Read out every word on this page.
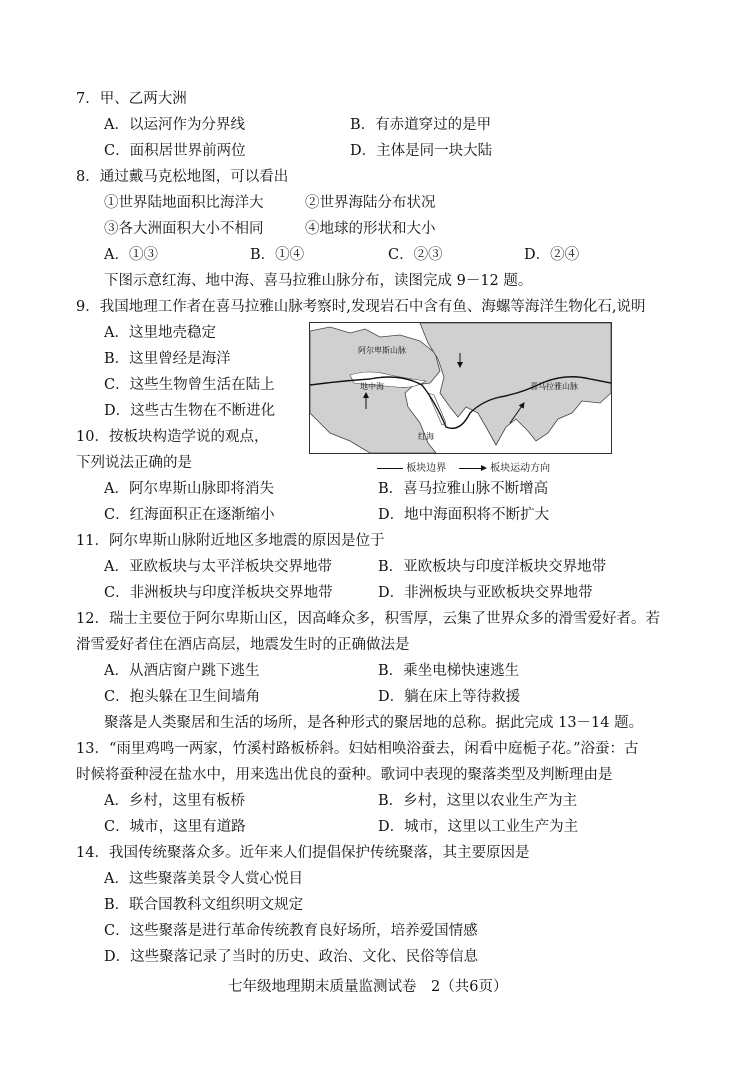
7．甲、乙两大洲
A．以运河作为分界线	B．有赤道穿过的是甲
C．面积居世界前两位	D．主体是同一块大陆
8．通过戴马克松地图，可以看出
①世界陆地面积比海洋大	②世界海陆分布状况
③各大洲面积大小不相同	④地球的形状和大小
A．①③	B．①④	C．②③	D．②④
下图示意红海、地中海、喜马拉雅山脉分布，读图完成 9－12 题。
9．我国地理工作者在喜马拉雅山脉考察时,发现岩石中含有鱼、海螺等海洋生物化石,说明
A．这里地壳稳定
B．这里曾经是海洋
C．这些生物曾生活在陆上
D．这些古生物在不断进化
阿尔卑斯山脉
地中海	喜马拉雅山脉
红海
板块边界	板块运动方向
10．按板块构造学说的观点，
下列说法正确的是
A．阿尔卑斯山脉即将消失	B．喜马拉雅山脉不断增高
C．红海面积正在逐渐缩小	D．地中海面积将不断扩大
11．阿尔卑斯山脉附近地区多地震的原因是位于
A．亚欧板块与太平洋板块交界地带	B．亚欧板块与印度洋板块交界地带
C．非洲板块与印度洋板块交界地带	D．非洲板块与亚欧板块交界地带
12．瑞士主要位于阿尔卑斯山区，因高峰众多，积雪厚，云集了世界众多的滑雪爱好者。若
滑雪爱好者住在酒店高层，地震发生时的正确做法是
A．从酒店窗户跳下逃生	B．乘坐电梯快速逃生
C．抱头躲在卫生间墙角	D．躺在床上等待救援
聚落是人类聚居和生活的场所，是各种形式的聚居地的总称。据此完成 13－14 题。
13．“雨里鸡鸣一两家，竹溪村路板桥斜。妇姑相唤浴蚕去，闲看中庭栀子花。”浴蚕：古
时候将蚕种浸在盐水中，用来选出优良的蚕种。歌词中表现的聚落类型及判断理由是
A．乡村，这里有板桥	B．乡村，这里以农业生产为主
C．城市，这里有道路	D．城市，这里以工业生产为主
14．我国传统聚落众多。近年来人们提倡保护传统聚落，其主要原因是
A．这些聚落美景令人赏心悦目
B．联合国教科文组织明文规定
C．这些聚落是进行革命传统教育良好场所，培养爱国情感
D．这些聚落记录了当时的历史、政治、文化、民俗等信息
七年级地理期末质量监测试卷　2（共6页）
